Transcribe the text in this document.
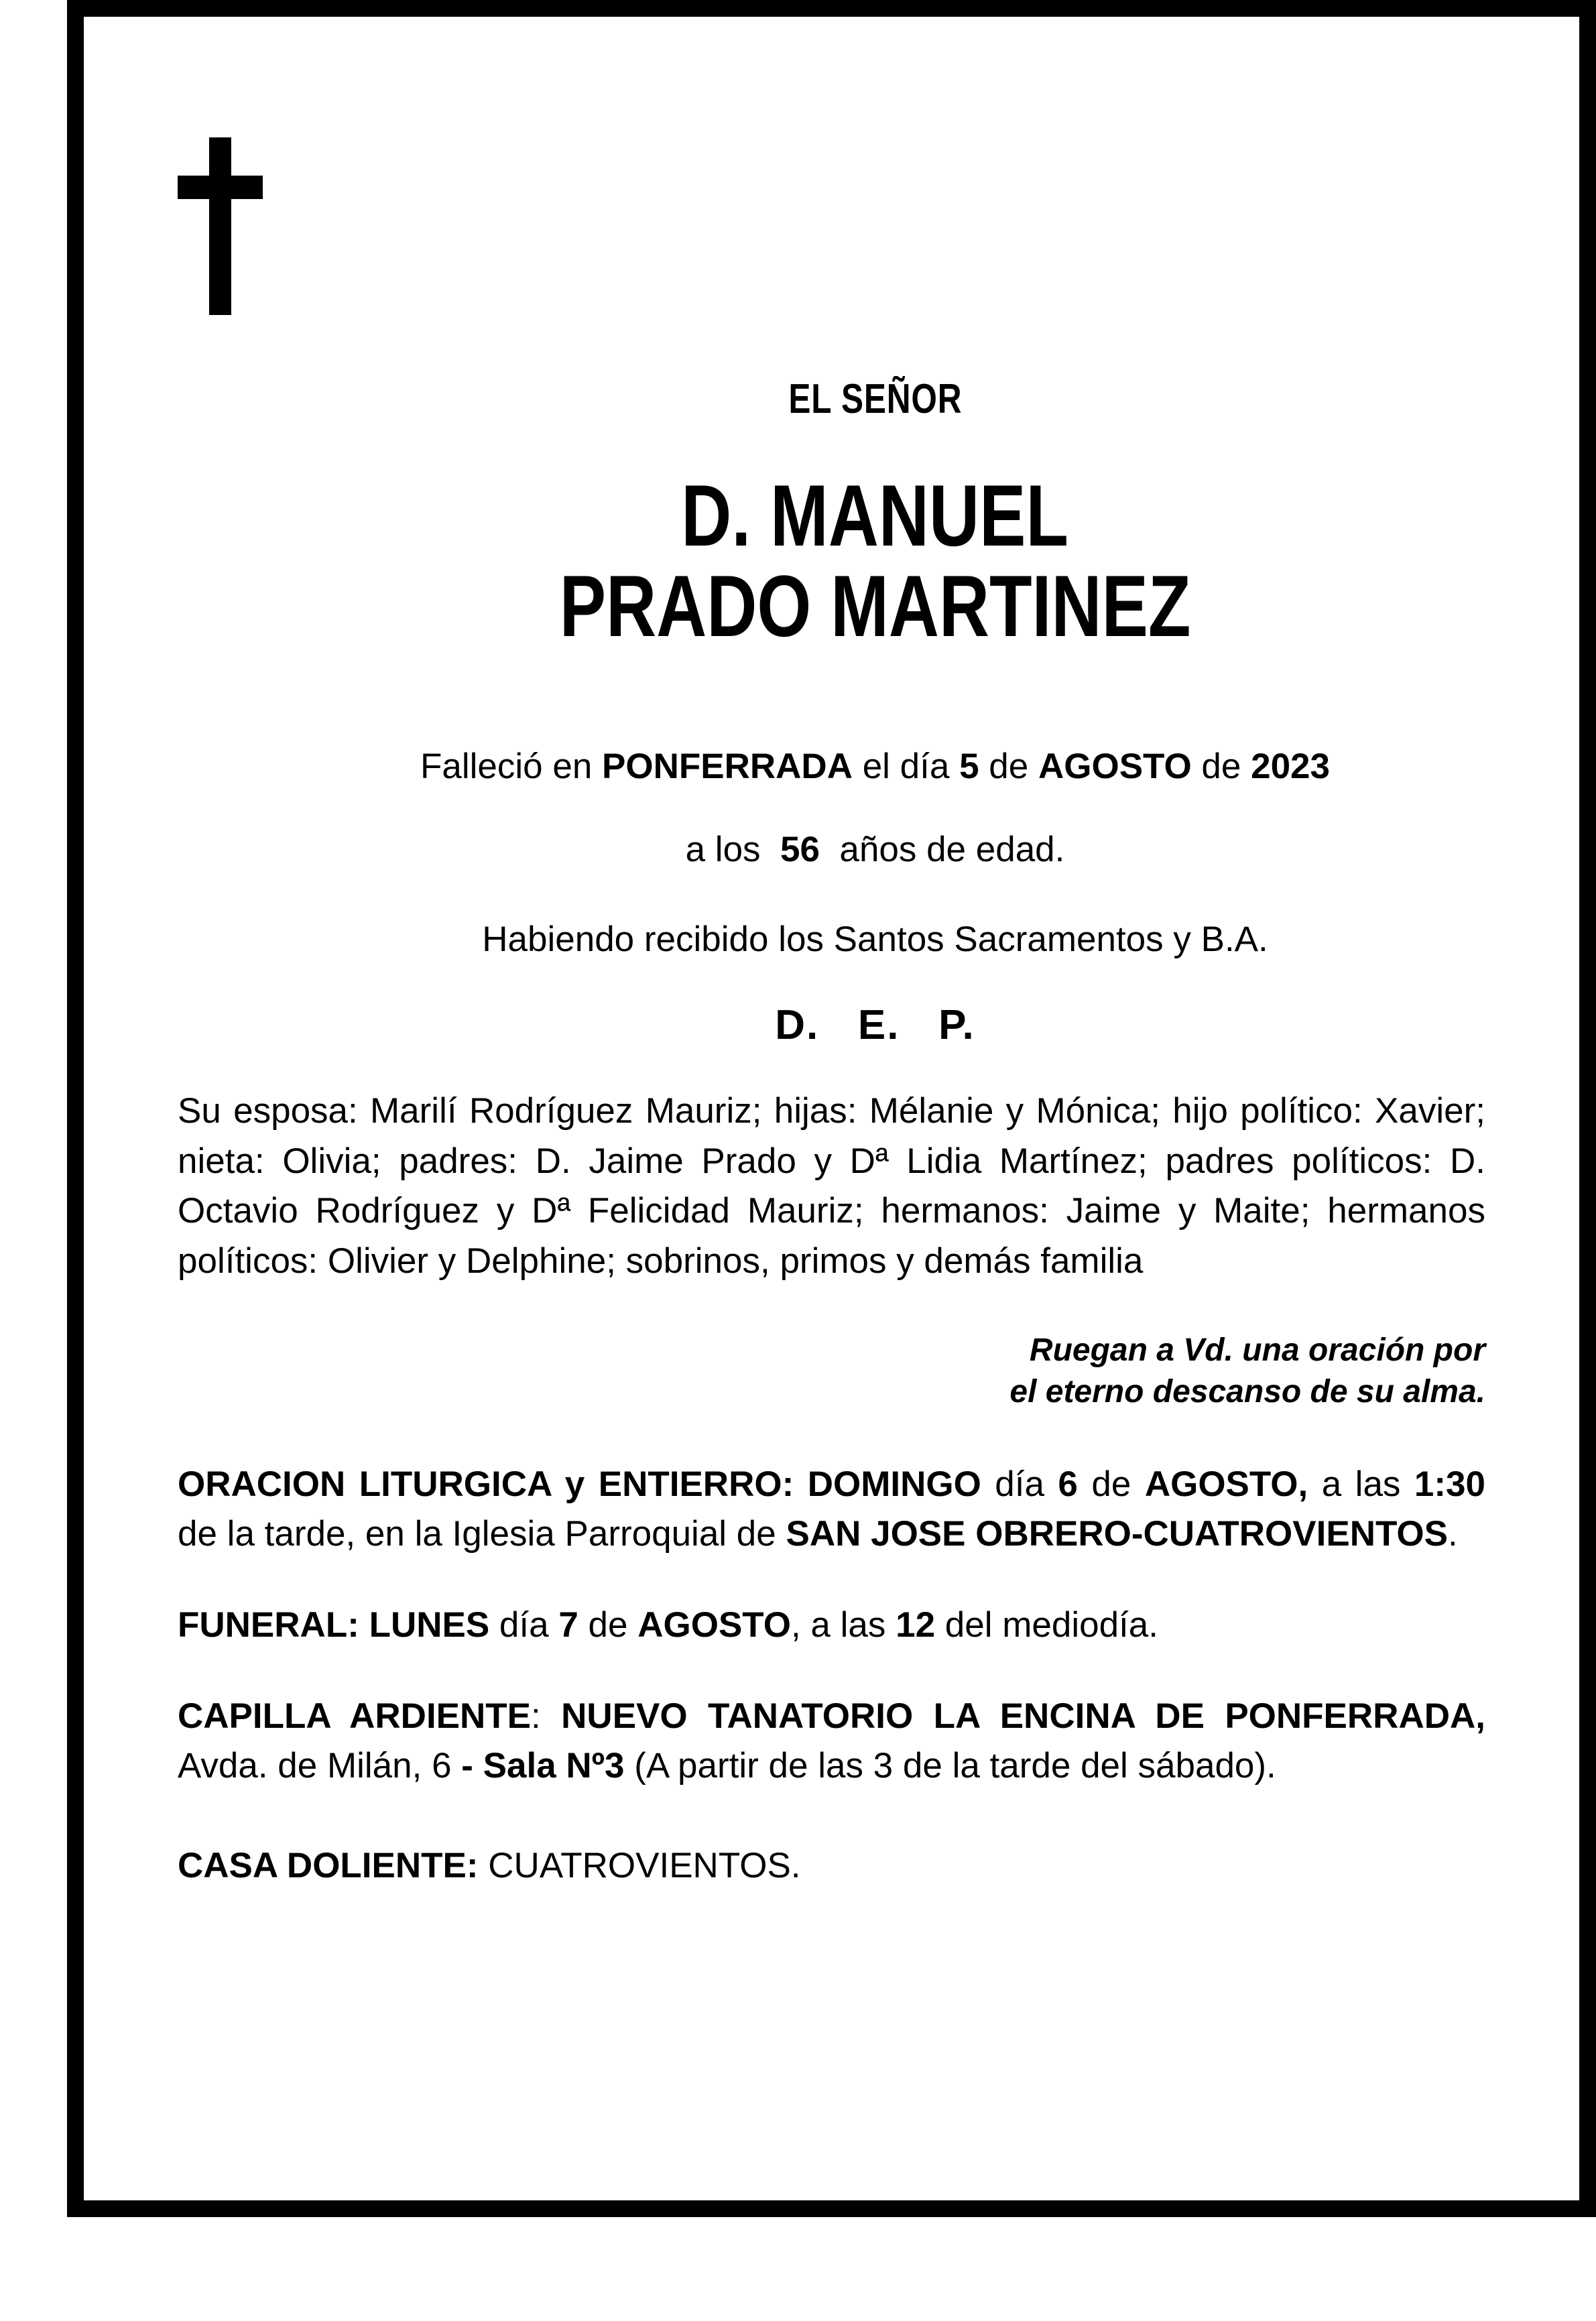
EL SEÑOR

D. MANUEL
PRADO MARTINEZ

Falleció en PONFERRADA el día 5 de AGOSTO de 2023

a los  56  años de edad.

Habiendo recibido los Santos Sacramentos y B.A.

D.   E.   P.

Su esposa: Marilí Rodríguez Mauriz; hijas: Mélanie y Mónica; hijo político: Xavier; nieta: Olivia; padres: D. Jaime Prado y Dª Lidia Martínez; padres políticos: D. Octavio Rodríguez y Dª Felicidad Mauriz; hermanos: Jaime y Maite; hermanos políticos: Olivier y Delphine; sobrinos, primos y demás familia

Ruegan a Vd. una oración por
el eterno descanso de su alma.

ORACION LITURGICA y ENTIERRO: DOMINGO día 6 de AGOSTO, a las 1:30 de la tarde, en la Iglesia Parroquial de SAN JOSE OBRERO-CUATROVIENTOS.

FUNERAL: LUNES día 7 de AGOSTO, a las 12 del mediodía.

CAPILLA ARDIENTE: NUEVO TANATORIO LA ENCINA DE PONFERRADA, Avda. de Milán, 6 - Sala Nº3 (A partir de las 3 de la tarde del sábado).

CASA DOLIENTE: CUATROVIENTOS.
